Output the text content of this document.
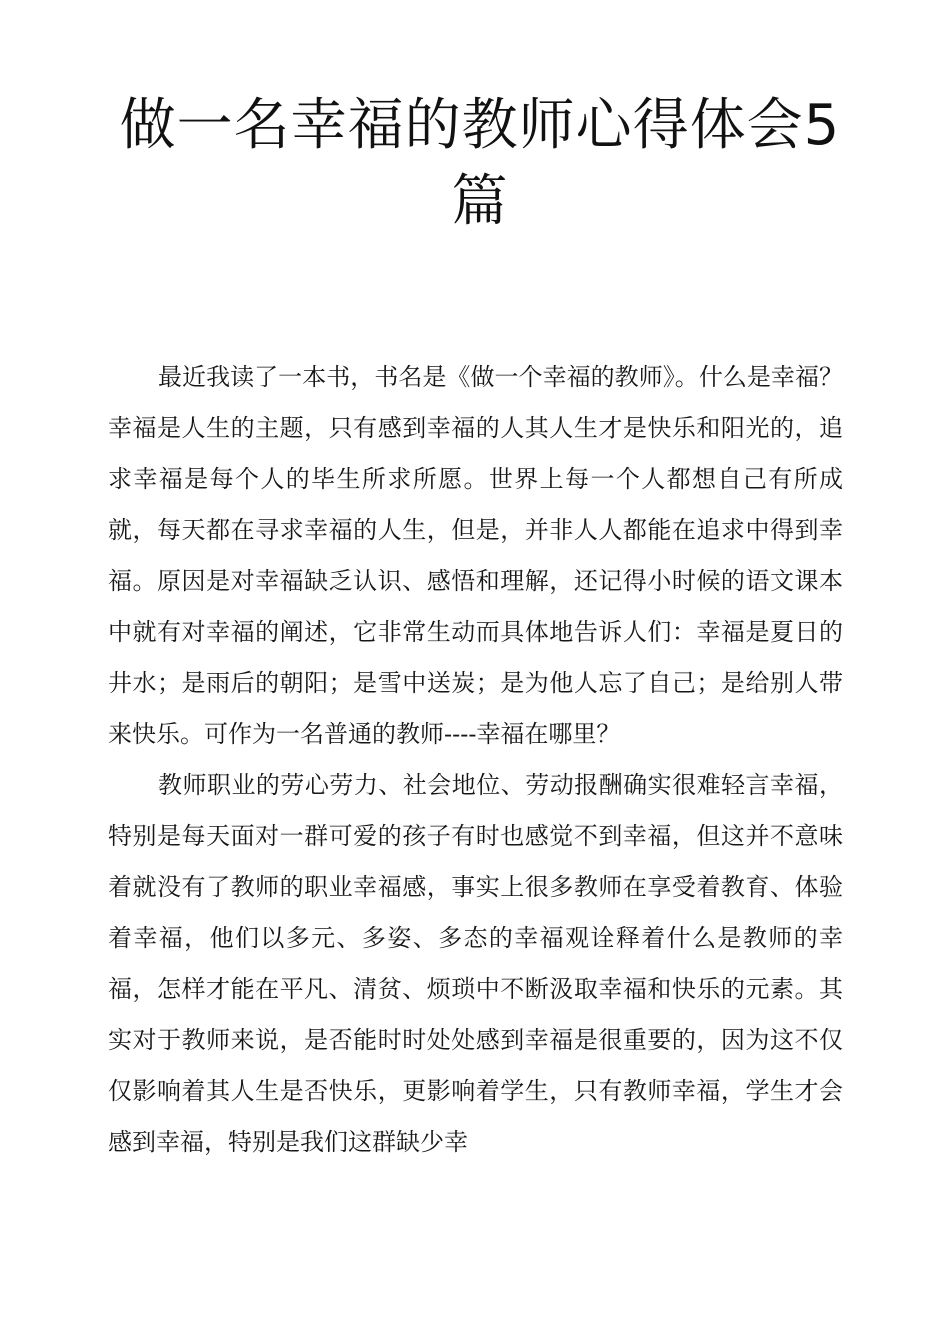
做一名幸福的教师心得体会5篇

最近我读了一本书，书名是《做一个幸福的教师》。什么是幸福？幸福是人生的主题，只有感到幸福的人其人生才是快乐和阳光的，追求幸福是每个人的毕生所求所愿。世界上每一个人都想自己有所成就，每天都在寻求幸福的人生，但是，并非人人都能在追求中得到幸福。原因是对幸福缺乏认识、感悟和理解，还记得小时候的语文课本中就有对幸福的阐述，它非常生动而具体地告诉人们：幸福是夏日的井水；是雨后的朝阳；是雪中送炭；是为他人忘了自己；是给别人带来快乐。可作为一名普通的教师----幸福在哪里？

教师职业的劳心劳力、社会地位、劳动报酬确实很难轻言幸福，特别是每天面对一群可爱的孩子有时也感觉不到幸福，但这并不意味着就没有了教师的职业幸福感，事实上很多教师在享受着教育、体验着幸福，他们以多元、多姿、多态的幸福观诠释着什么是教师的幸福，怎样才能在平凡、清贫、烦琐中不断汲取幸福和快乐的元素。其实对于教师来说，是否能时时处处感到幸福是很重要的，因为这不仅仅影响着其人生是否快乐，更影响着学生，只有教师幸福，学生才会感到幸福，特别是我们这群缺少幸
